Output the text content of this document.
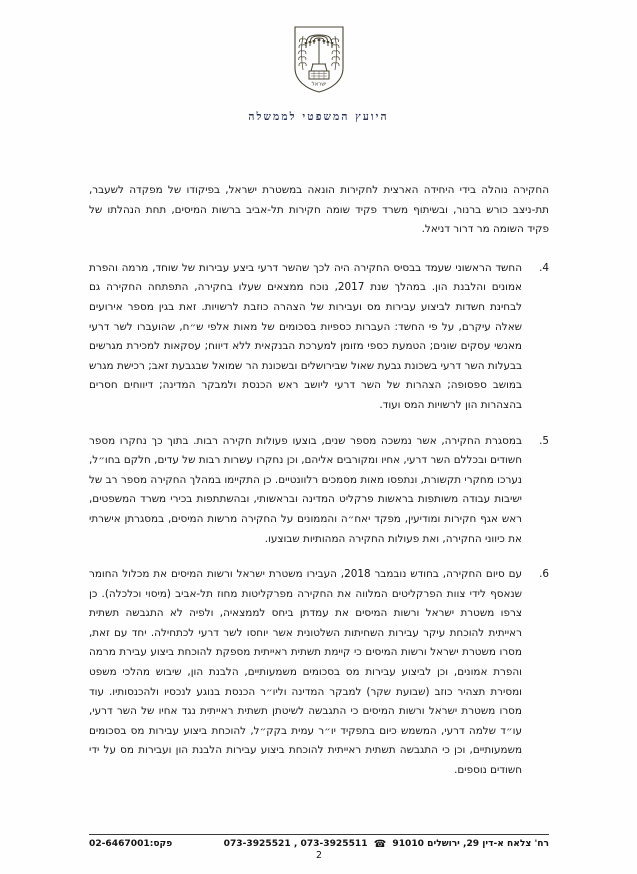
ישראל
היועץ המשפטי לממשלה

החקירה נוהלה בידי היחידה הארצית לחקירות הונאה במשטרת ישראל, בפיקודו של מפקדה לשעבר, תת-ניצב כורש ברנור, ובשיתוף משרד פקיד שומה חקירות תל-אביב ברשות המיסים, תחת הנהלתו של פקיד השומה מר דרור דניאל.

.4
החשד הראשוני שעמד בבסיס החקירה היה לכך שהשר דרעי ביצע עבירות של שוחד, מרמה והפרת אמונים והלבנת הון. במהלך שנת 2017, נוכח ממצאים שעלו בחקירה, התפתחה החקירה גם לבחינת חשדות לביצוע עבירות מס ועבירות של הצהרה כוזבת לרשויות. זאת בגין מספר אירועים שאלה עיקרם, על פי החשד: העברות כספיות בסכומים של מאות אלפי ש״ח, שהועברו לשר דרעי מאנשי עסקים שונים; הטמעת כספי מזומן למערכת הבנקאית ללא דיווח; עסקאות למכירת מגרשים בבעלות השר דרעי בשכונת גבעת שאול שבירושלים ובשכונת הר שמואל שבגבעת זאב; רכישת מגרש במושב ספסופה; הצהרות של השר דרעי ליושב ראש הכנסת ולמבקר המדינה; דיווחים חסרים בהצהרות הון לרשויות המס ועוד.

.5
במסגרת החקירה, אשר נמשכה מספר שנים, בוצעו פעולות חקירה רבות. בתוך כך נחקרו מספר חשודים ובכללם השר דרעי, אחיו ומקורבים אליהם, וכן נחקרו עשרות רבות של עדים, חלקם בחו״ל, נערכו מחקרי תקשורת, ונתפסו מאות מסמכים רלוונטיים. כן התקיימו במהלך החקירה מספר רב של ישיבות עבודה משותפות בראשות פרקליט המדינה ובראשותי, ובהשתתפות בכירי משרד המשפטים, ראש אגף חקירות ומודיעין, מפקד יאח״ה והממונים על החקירה מרשות המיסים, במסגרתן אישרתי את כיווני החקירה, ואת פעולות החקירה המהותיות שבוצעו.

.6
עם סיום החקירה, בחודש נובמבר 2018, העבירו משטרת ישראל ורשות המיסים את מכלול החומר שנאסף לידי צוות הפרקליטים המלווה את החקירה מפרקליטות מחוז תל-אביב (מיסוי וכלכלה). כן צרפו משטרת ישראל ורשות המיסים את עמדתן ביחס לממצאיה, ולפיה לא התגבשה תשתית ראייתית להוכחת עיקר עבירות השחיתות השלטונית אשר יוחסו לשר דרעי לכתחילה. יחד עם זאת, מסרו משטרת ישראל ורשות המיסים כי קיימת תשתית ראייתית מספקת להוכחת ביצוע עבירת מרמה והפרת אמונים, וכן לביצוע עבירות מס בסכומים משמעותיים, הלבנת הון, שיבוש מהלכי משפט ומסירת תצהיר כוזב (שבועת שקר) למבקר המדינה וליו״ר הכנסת בנוגע לנכסיו ולהכנסותיו. עוד מסרו משטרת ישראל ורשות המיסים כי התגבשה לשיטתן תשתית ראייתית נגד אחיו של השר דרעי, עו״ד שלמה דרעי, המשמש כיום בתפקיד יו״ר עמית בקק״ל, להוכחת ביצוע עבירות מס בסכומים משמעותיים, וכן כי התגבשה תשתית ראייתית להוכחת ביצוע עבירות הלבנת הון ועבירות מס על ידי חשודים נוספים.

רח' צלאח א-דין 29, ירושלים 91010 ☎ 073-3925511 , 073-3925521
פקס:02-6467001
2
